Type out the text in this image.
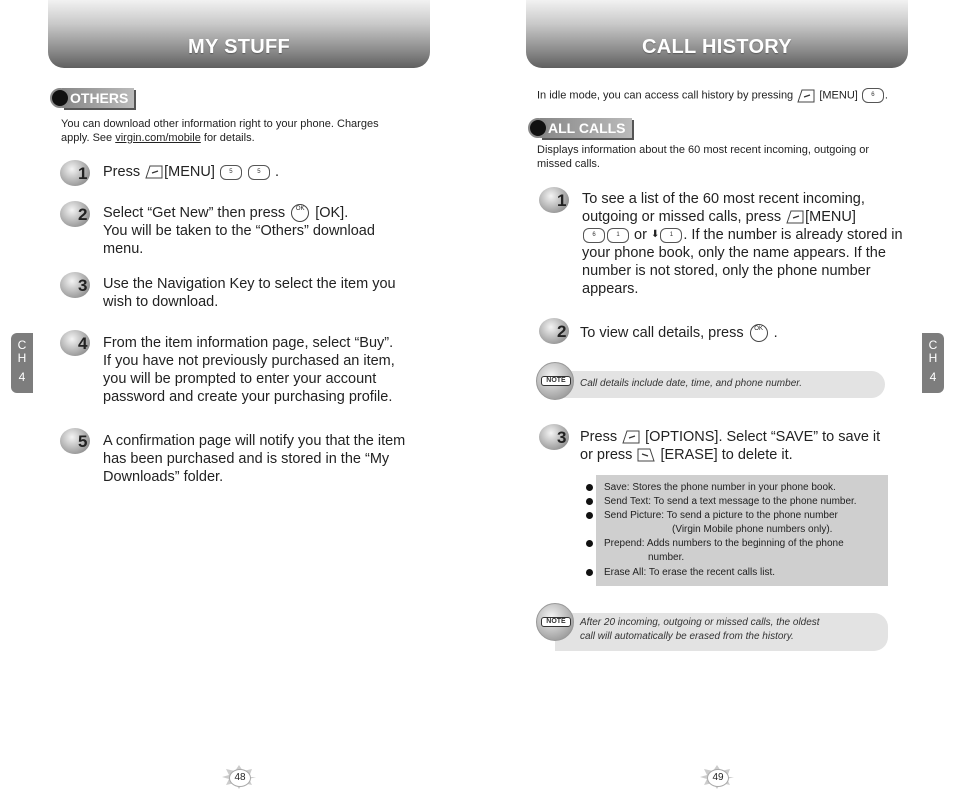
MY STUFF
OTHERS
You can download other information right to your phone. Charges
apply. See virgin.com/mobile for details.
1 Press [MENU] 5	5 .
2 Select “Get New” then press OK [OK].
You will be taken to the “Others” download
menu.
3 Use the Navigation Key to select the item you
wish to download.
4 From the item information page, select “Buy”.
If you have not previously purchased an item,
you will be prompted to enter your account
password and create your purchasing profile.
5 A confirmation page will notify you that the item
has been purchased and is stored in the “My
Downloads” folder.
C
H
4
48
CALL HISTORY
In idle mode, you can access call history by pressing [MENU] 6 .
ALL CALLS
Displays information about the 60 most recent incoming, outgoing or
missed calls.
1 To see a list of the 60 most recent incoming,
outgoing or missed calls, press [MENU]
6	1 or ⬇ 1 . If the number is already stored in
your phone book, only the name appears. If the
number is not stored, only the phone number
appears.
2 To view call details, press OK .
NOTE	Call details include date, time, and phone number.
3 Press [OPTIONS]. Select “SAVE” to save it
or press [ERASE] to delete it.
Save: Stores the phone number in your phone book.
Send Text: To send a text message to the phone number.
Send Picture: To send a picture to the phone number
(Virgin Mobile phone numbers only).
Prepend: Adds numbers to the beginning of the phone
number.
Erase All: To erase the recent calls list.
NOTE	After 20 incoming, outgoing or missed calls, the oldest
call will automatically be erased from the history.
C
H
4
49
